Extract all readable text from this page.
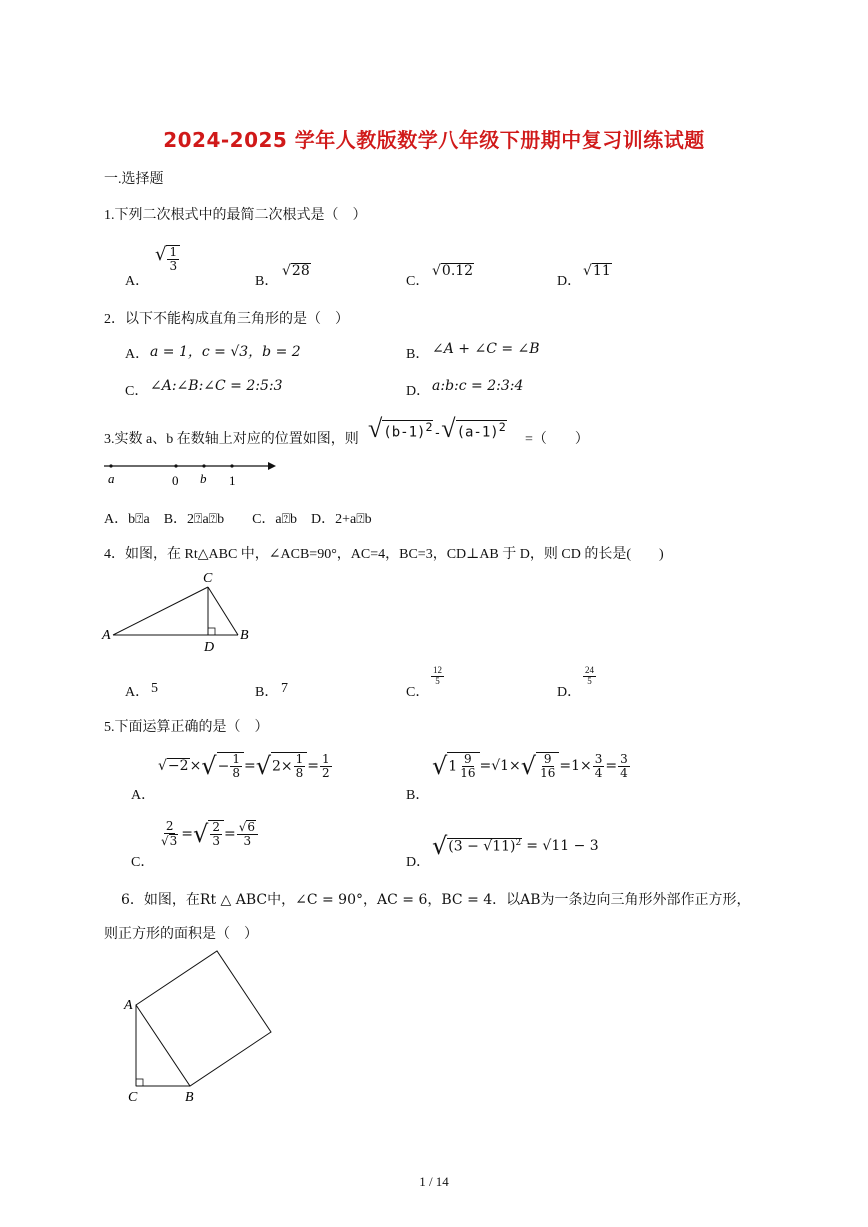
2024-2025 学年人教版数学八年级下册期中复习训练试题
一.选择题
1.下列二次根式中的最简二次根式是（　）
A．
√ $\frac{1}{3}$
B．
√28
C．
√0.12
D．
√11
2．以下不能构成直角三角形的是（　）
A． a = 1，c = √3，b = 2	B． ∠A + ∠C = ∠B
C． ∠A:∠B:∠C = 2:5:3	D． a:b:c = 2:3:4
3.实数 a、b 在数轴上对应的位置如图，则 $√(b-1)^2-√(a-1)^2$
=（　　）
a	0 b 1
A．b⍰a　B．2⍰a⍰b　　C．a⍰b　D．2+a⍰b
4．如图，在 Rt△ABC 中，∠ACB=90°，AC=4，BC=3，CD⊥AB 于 D，则 CD 的长是(　　)
C
A
D
B
A． 5	B． 7	C．
$\frac{12}{5}$
D．
$\frac{24}{5}$
5.下面运算正确的是（　）
A．
√ −2 × √ − $\frac{1}{8}$ = √ $2\times \frac{1}{8} = \frac{1}{2}$
B．
√ $1 \frac{9}{16} =√1\times$ √ $\frac{9}{16} =1\times \frac{3}{4} = \frac{3}{4}$
C．
$\frac{2}{√3}$ = √ $\frac{2}{3} = \frac{√6}{3}$
D．
√ $(3 - √11)^2 = √11 - 3$
6．如图，在Rt △ ABC中，∠C = 90°，AC = 6，BC = 4．以AB为一条边向三角形外部作正方形，
则正方形的面积是（　）
A
C	B
1 / 14
